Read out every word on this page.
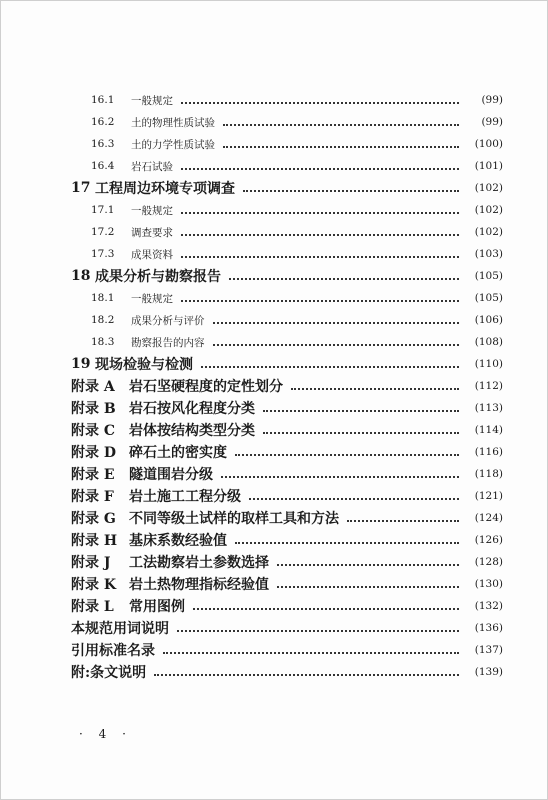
16.1	一般规定	(99)
16.2	土的物理性质试验	(99)
16.3	土的力学性质试验	(100)
16.4	岩石试验	(101)
17 工程周边环境专项调查	(102)
17.1	一般规定	(102)
17.2	调查要求	(102)
17.3	成果资料	(103)
18 成果分析与勘察报告	(105)
18.1	一般规定	(105)
18.2	成果分析与评价	(106)
18.3	勘察报告的内容	(108)
19 现场检验与检测	(110)
附录 A	岩石坚硬程度的定性划分	(112)
附录 B 岩石按风化程度分类	(113)
附录 C 岩体按结构类型分类	(114)
附录 D 碎石土的密实度	(116)
附录 E	隧道围岩分级	(118)
附录 F	岩土施工工程分级	(121)
附录 G 不同等级土试样的取样工具和方法	(124)
附录 H 基床系数经验值	(126)
附录 J	工法勘察岩土参数选择	(128)
附录 K 岩土热物理指标经验值	(130)
附录 L	常用图例	(132)
本规范用词说明	(136)
引用标准名录	(137)
附:条文说明	(139)
· 4 ·
